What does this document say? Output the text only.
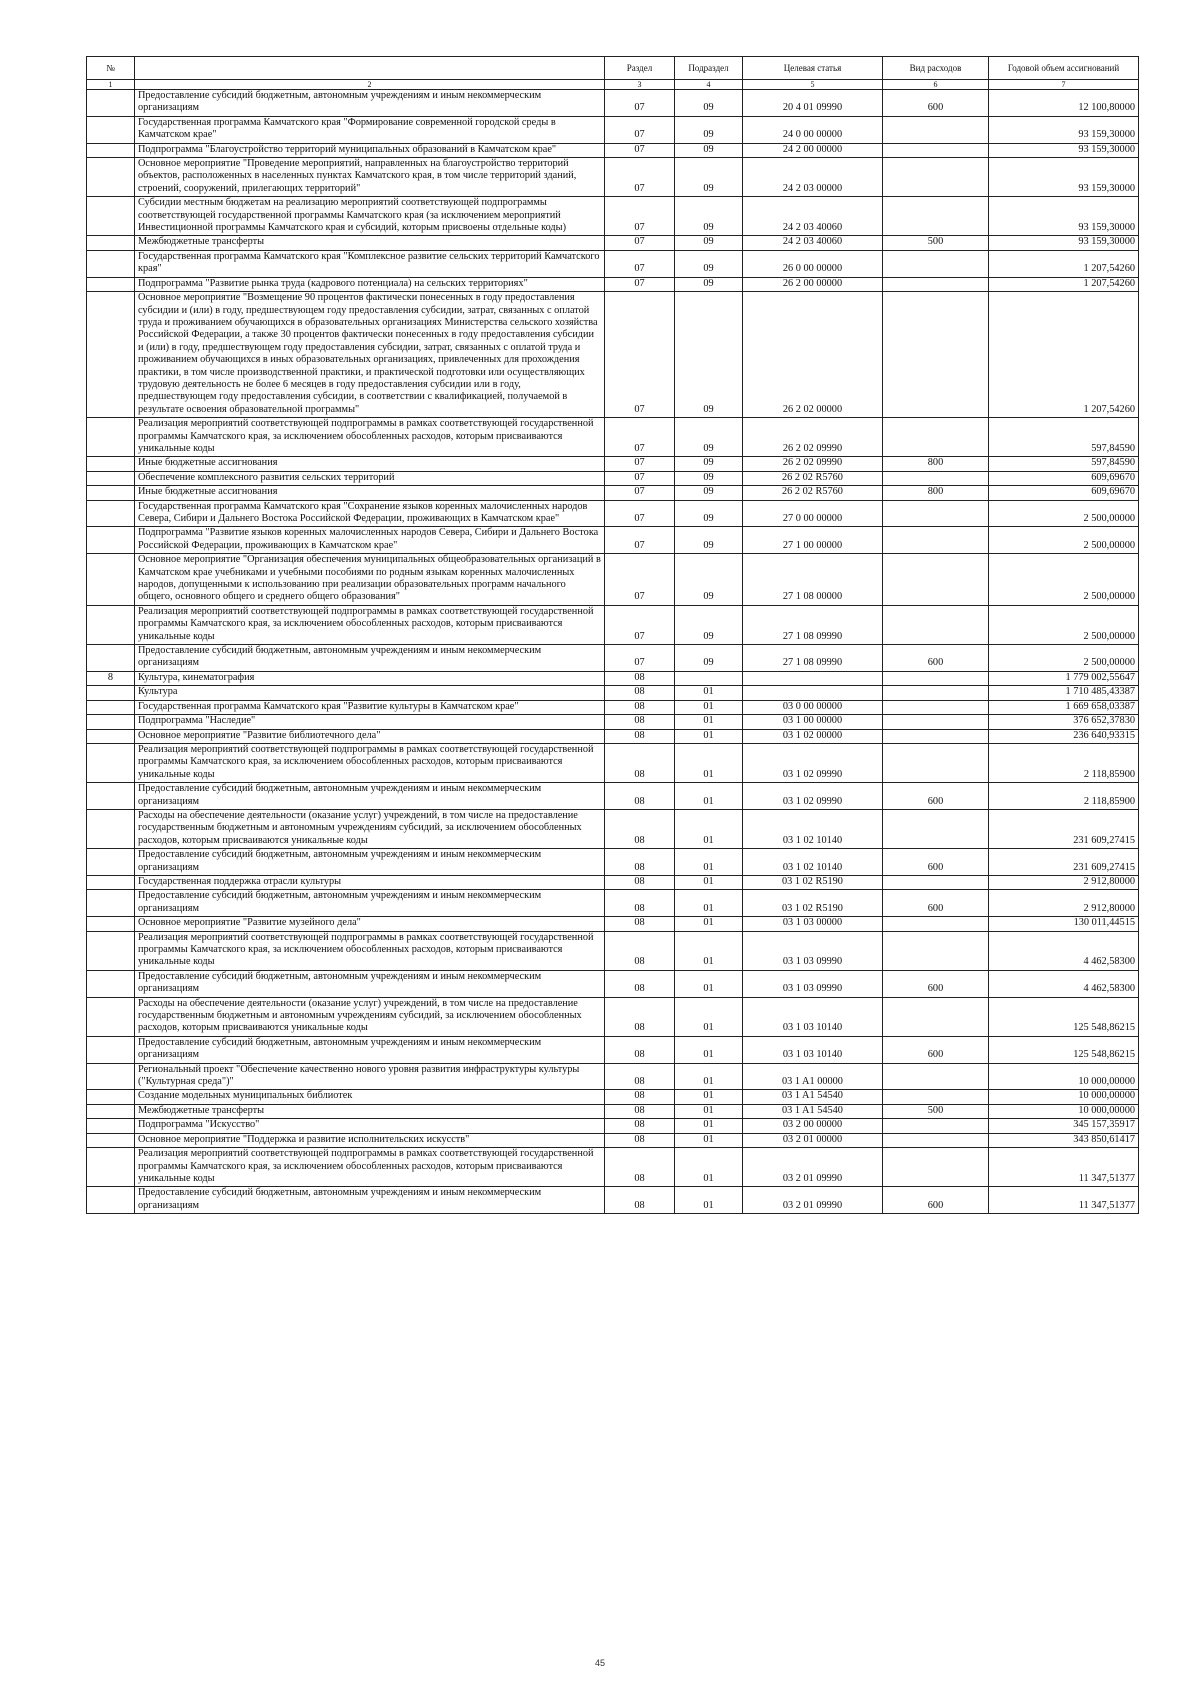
№		Раздел	Подраздел	Целевая статья	Вид расходов	Годовой объем ассигнований
1	2	3	4	5	6	7
	Предоставление субсидий бюджетным, автономным учреждениям и иным некоммерческим организациям	07	09	20 4 01 09990	600	12 100,80000
	Государственная программа Камчатского края "Формирование современной городской среды в Камчатском крае"	07	09	24 0 00 00000		93 159,30000
	Подпрограмма "Благоустройство территорий муниципальных образований в Камчатском крае"	07	09	24 2 00 00000		93 159,30000
	Основное мероприятие "Проведение мероприятий, направленных на благоустройство территорий объектов, расположенных в населенных пунктах Камчатского края, в том числе территорий зданий, строений, сооружений, прилегающих территорий"	07	09	24 2 03 00000		93 159,30000
	Субсидии местным бюджетам на реализацию мероприятий соответствующей подпрограммы соответствующей государственной программы Камчатского края (за исключением мероприятий Инвестиционной программы Камчатского края и субсидий, которым присвоены отдельные коды)	07	09	24 2 03 40060		93 159,30000
	Межбюджетные трансферты	07	09	24 2 03 40060	500	93 159,30000
	Государственная программа Камчатского края "Комплексное развитие сельских территорий Камчатского края"	07	09	26 0 00 00000		1 207,54260
	Подпрограмма "Развитие рынка труда (кадрового потенциала) на сельских территориях"	07	09	26 2 00 00000		1 207,54260
	Основное мероприятие "Возмещение 90 процентов фактически понесенных в году предоставления субсидии и (или) в году, предшествующем году предоставления субсидии, затрат, связанных с оплатой труда и проживанием обучающихся в образовательных организациях Министерства сельского хозяйства Российской Федерации, а также 30 процентов фактически понесенных в году предоставления субсидии и (или) в году, предшествующем году предоставления субсидии, затрат, связанных с оплатой труда и проживанием обучающихся в иных образовательных организациях, привлеченных для прохождения практики, в том числе производственной практики, и практической подготовки или осуществляющих трудовую деятельность не более 6 месяцев в году предоставления субсидии или в году, предшествующем году предоставления субсидии, в соответствии с квалификацией, получаемой в результате освоения образовательной программы"	07	09	26 2 02 00000		1 207,54260
	Реализация мероприятий соответствующей подпрограммы в рамках соответствующей государственной программы Камчатского края, за исключением обособленных расходов, которым присваиваются уникальные коды	07	09	26 2 02 09990		597,84590
	Иные бюджетные ассигнования	07	09	26 2 02 09990	800	597,84590
	Обеспечение комплексного развития сельских территорий	07	09	26 2 02 R5760		609,69670
	Иные бюджетные ассигнования	07	09	26 2 02 R5760	800	609,69670
	Государственная программа Камчатского края "Сохранение языков коренных малочисленных народов Севера, Сибири и Дальнего Востока Российской Федерации, проживающих в Камчатском крае"	07	09	27 0 00 00000		2 500,00000
	Подпрограмма "Развитие языков коренных малочисленных народов Севера, Сибири и Дальнего Востока Российской Федерации, проживающих в Камчатском крае"	07	09	27 1 00 00000		2 500,00000
	Основное мероприятие "Организация обеспечения муниципальных общеобразовательных организаций в Камчатском крае учебниками и учебными пособиями по родным языкам коренных малочисленных народов, допущенными к использованию при реализации образовательных программ начального общего, основного общего и среднего общего образования"	07	09	27 1 08 00000		2 500,00000
	Реализация мероприятий соответствующей подпрограммы в рамках соответствующей государственной программы Камчатского края, за исключением обособленных расходов, которым присваиваются уникальные коды	07	09	27 1 08 09990		2 500,00000
	Предоставление субсидий бюджетным, автономным учреждениям и иным некоммерческим организациям	07	09	27 1 08 09990	600	2 500,00000
8	Культура, кинематография	08				1 779 002,55647
	Культура	08	01			1 710 485,43387
	Государственная программа Камчатского края "Развитие культуры в Камчатском крае"	08	01	03 0 00 00000		1 669 658,03387
	Подпрограмма "Наследие"	08	01	03 1 00 00000		376 652,37830
	Основное мероприятие "Развитие библиотечного дела"	08	01	03 1 02 00000		236 640,93315
	Реализация мероприятий соответствующей подпрограммы в рамках соответствующей государственной программы Камчатского края, за исключением обособленных расходов, которым присваиваются уникальные коды	08	01	03 1 02 09990		2 118,85900
	Предоставление субсидий бюджетным, автономным учреждениям и иным некоммерческим организациям	08	01	03 1 02 09990	600	2 118,85900
	Расходы на обеспечение деятельности (оказание услуг) учреждений, в том числе на предоставление государственным бюджетным и автономным учреждениям субсидий, за исключением обособленных расходов, которым присваиваются уникальные коды	08	01	03 1 02 10140		231 609,27415
	Предоставление субсидий бюджетным, автономным учреждениям и иным некоммерческим организациям	08	01	03 1 02 10140	600	231 609,27415
	Государственная поддержка отрасли культуры	08	01	03 1 02 R5190		2 912,80000
	Предоставление субсидий бюджетным, автономным учреждениям и иным некоммерческим организациям	08	01	03 1 02 R5190	600	2 912,80000
	Основное мероприятие "Развитие музейного дела"	08	01	03 1 03 00000		130 011,44515
	Реализация мероприятий соответствующей подпрограммы в рамках соответствующей государственной программы Камчатского края, за исключением обособленных расходов, которым присваиваются уникальные коды	08	01	03 1 03 09990		4 462,58300
	Предоставление субсидий бюджетным, автономным учреждениям и иным некоммерческим организациям	08	01	03 1 03 09990	600	4 462,58300
	Расходы на обеспечение деятельности (оказание услуг) учреждений, в том числе на предоставление государственным бюджетным и автономным учреждениям субсидий, за исключением обособленных расходов, которым присваиваются уникальные коды	08	01	03 1 03 10140		125 548,86215
	Предоставление субсидий бюджетным, автономным учреждениям и иным некоммерческим организациям	08	01	03 1 03 10140	600	125 548,86215
	Региональный проект "Обеспечение качественно нового уровня развития инфраструктуры культуры ("Культурная среда")"	08	01	03 1 A1 00000		10 000,00000
	Создание модельных муниципальных библиотек	08	01	03 1 A1 54540		10 000,00000
	Межбюджетные трансферты	08	01	03 1 A1 54540	500	10 000,00000
	Подпрограмма "Искусство"	08	01	03 2 00 00000		345 157,35917
	Основное мероприятие "Поддержка и развитие исполнительских искусств"	08	01	03 2 01 00000		343 850,61417
	Реализация мероприятий соответствующей подпрограммы в рамках соответствующей государственной программы Камчатского края, за исключением обособленных расходов, которым присваиваются уникальные коды	08	01	03 2 01 09990		11 347,51377
	Предоставление субсидий бюджетным, автономным учреждениям и иным некоммерческим организациям	08	01	03 2 01 09990	600	11 347,51377
45
